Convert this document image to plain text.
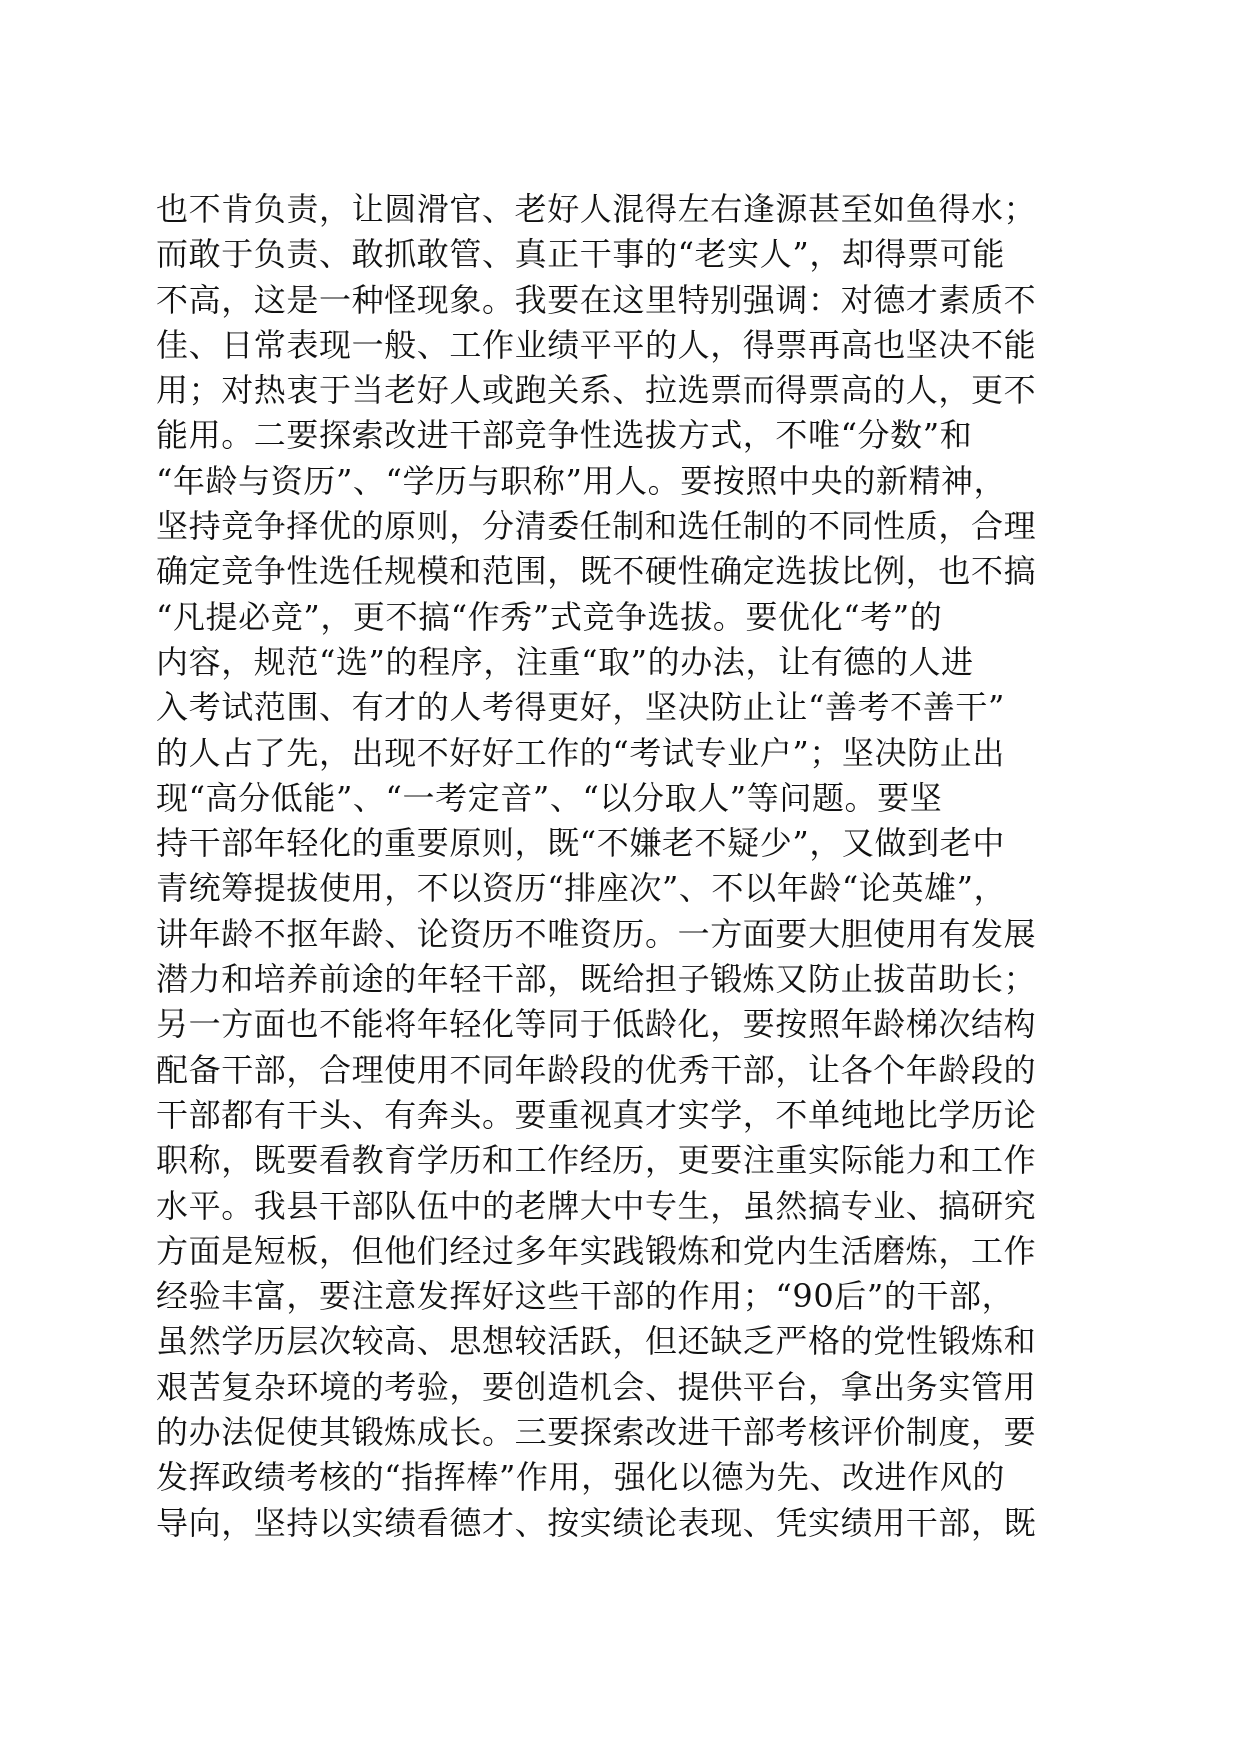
也不肯负责，让圆滑官、老好人混得左右逢源甚至如鱼得水；
而敢于负责、敢抓敢管、真正干事的“老实人”，却得票可能
不高，这是一种怪现象。我要在这里特别强调：对德才素质不
佳、日常表现一般、工作业绩平平的人，得票再高也坚决不能
用；对热衷于当老好人或跑关系、拉选票而得票高的人，更不
能用。二要探索改进干部竞争性选拔方式，不唯“分数”和
“年龄与资历”、“学历与职称”用人。要按照中央的新精神，
坚持竞争择优的原则，分清委任制和选任制的不同性质，合理
确定竞争性选任规模和范围，既不硬性确定选拔比例，也不搞
“凡提必竞”，更不搞“作秀”式竞争选拔。要优化“考”的
内容，规范“选”的程序，注重“取”的办法，让有德的人进
入考试范围、有才的人考得更好，坚决防止让“善考不善干”
的人占了先，出现不好好工作的“考试专业户”；坚决防止出
现“高分低能”、“一考定音”、“以分取人”等问题。要坚
持干部年轻化的重要原则，既“不嫌老不疑少”，又做到老中
青统筹提拔使用，不以资历“排座次”、不以年龄“论英雄”，
讲年龄不抠年龄、论资历不唯资历。一方面要大胆使用有发展
潜力和培养前途的年轻干部，既给担子锻炼又防止拔苗助长；
另一方面也不能将年轻化等同于低龄化，要按照年龄梯次结构
配备干部，合理使用不同年龄段的优秀干部，让各个年龄段的
干部都有干头、有奔头。要重视真才实学，不单纯地比学历论
职称，既要看教育学历和工作经历，更要注重实际能力和工作
水平。我县干部队伍中的老牌大中专生，虽然搞专业、搞研究
方面是短板，但他们经过多年实践锻炼和党内生活磨炼，工作
经验丰富，要注意发挥好这些干部的作用；“90后”的干部，
虽然学历层次较高、思想较活跃，但还缺乏严格的党性锻炼和
艰苦复杂环境的考验，要创造机会、提供平台，拿出务实管用
的办法促使其锻炼成长。三要探索改进干部考核评价制度，要
发挥政绩考核的“指挥棒”作用，强化以德为先、改进作风的
导向，坚持以实绩看德才、按实绩论表现、凭实绩用干部，既
